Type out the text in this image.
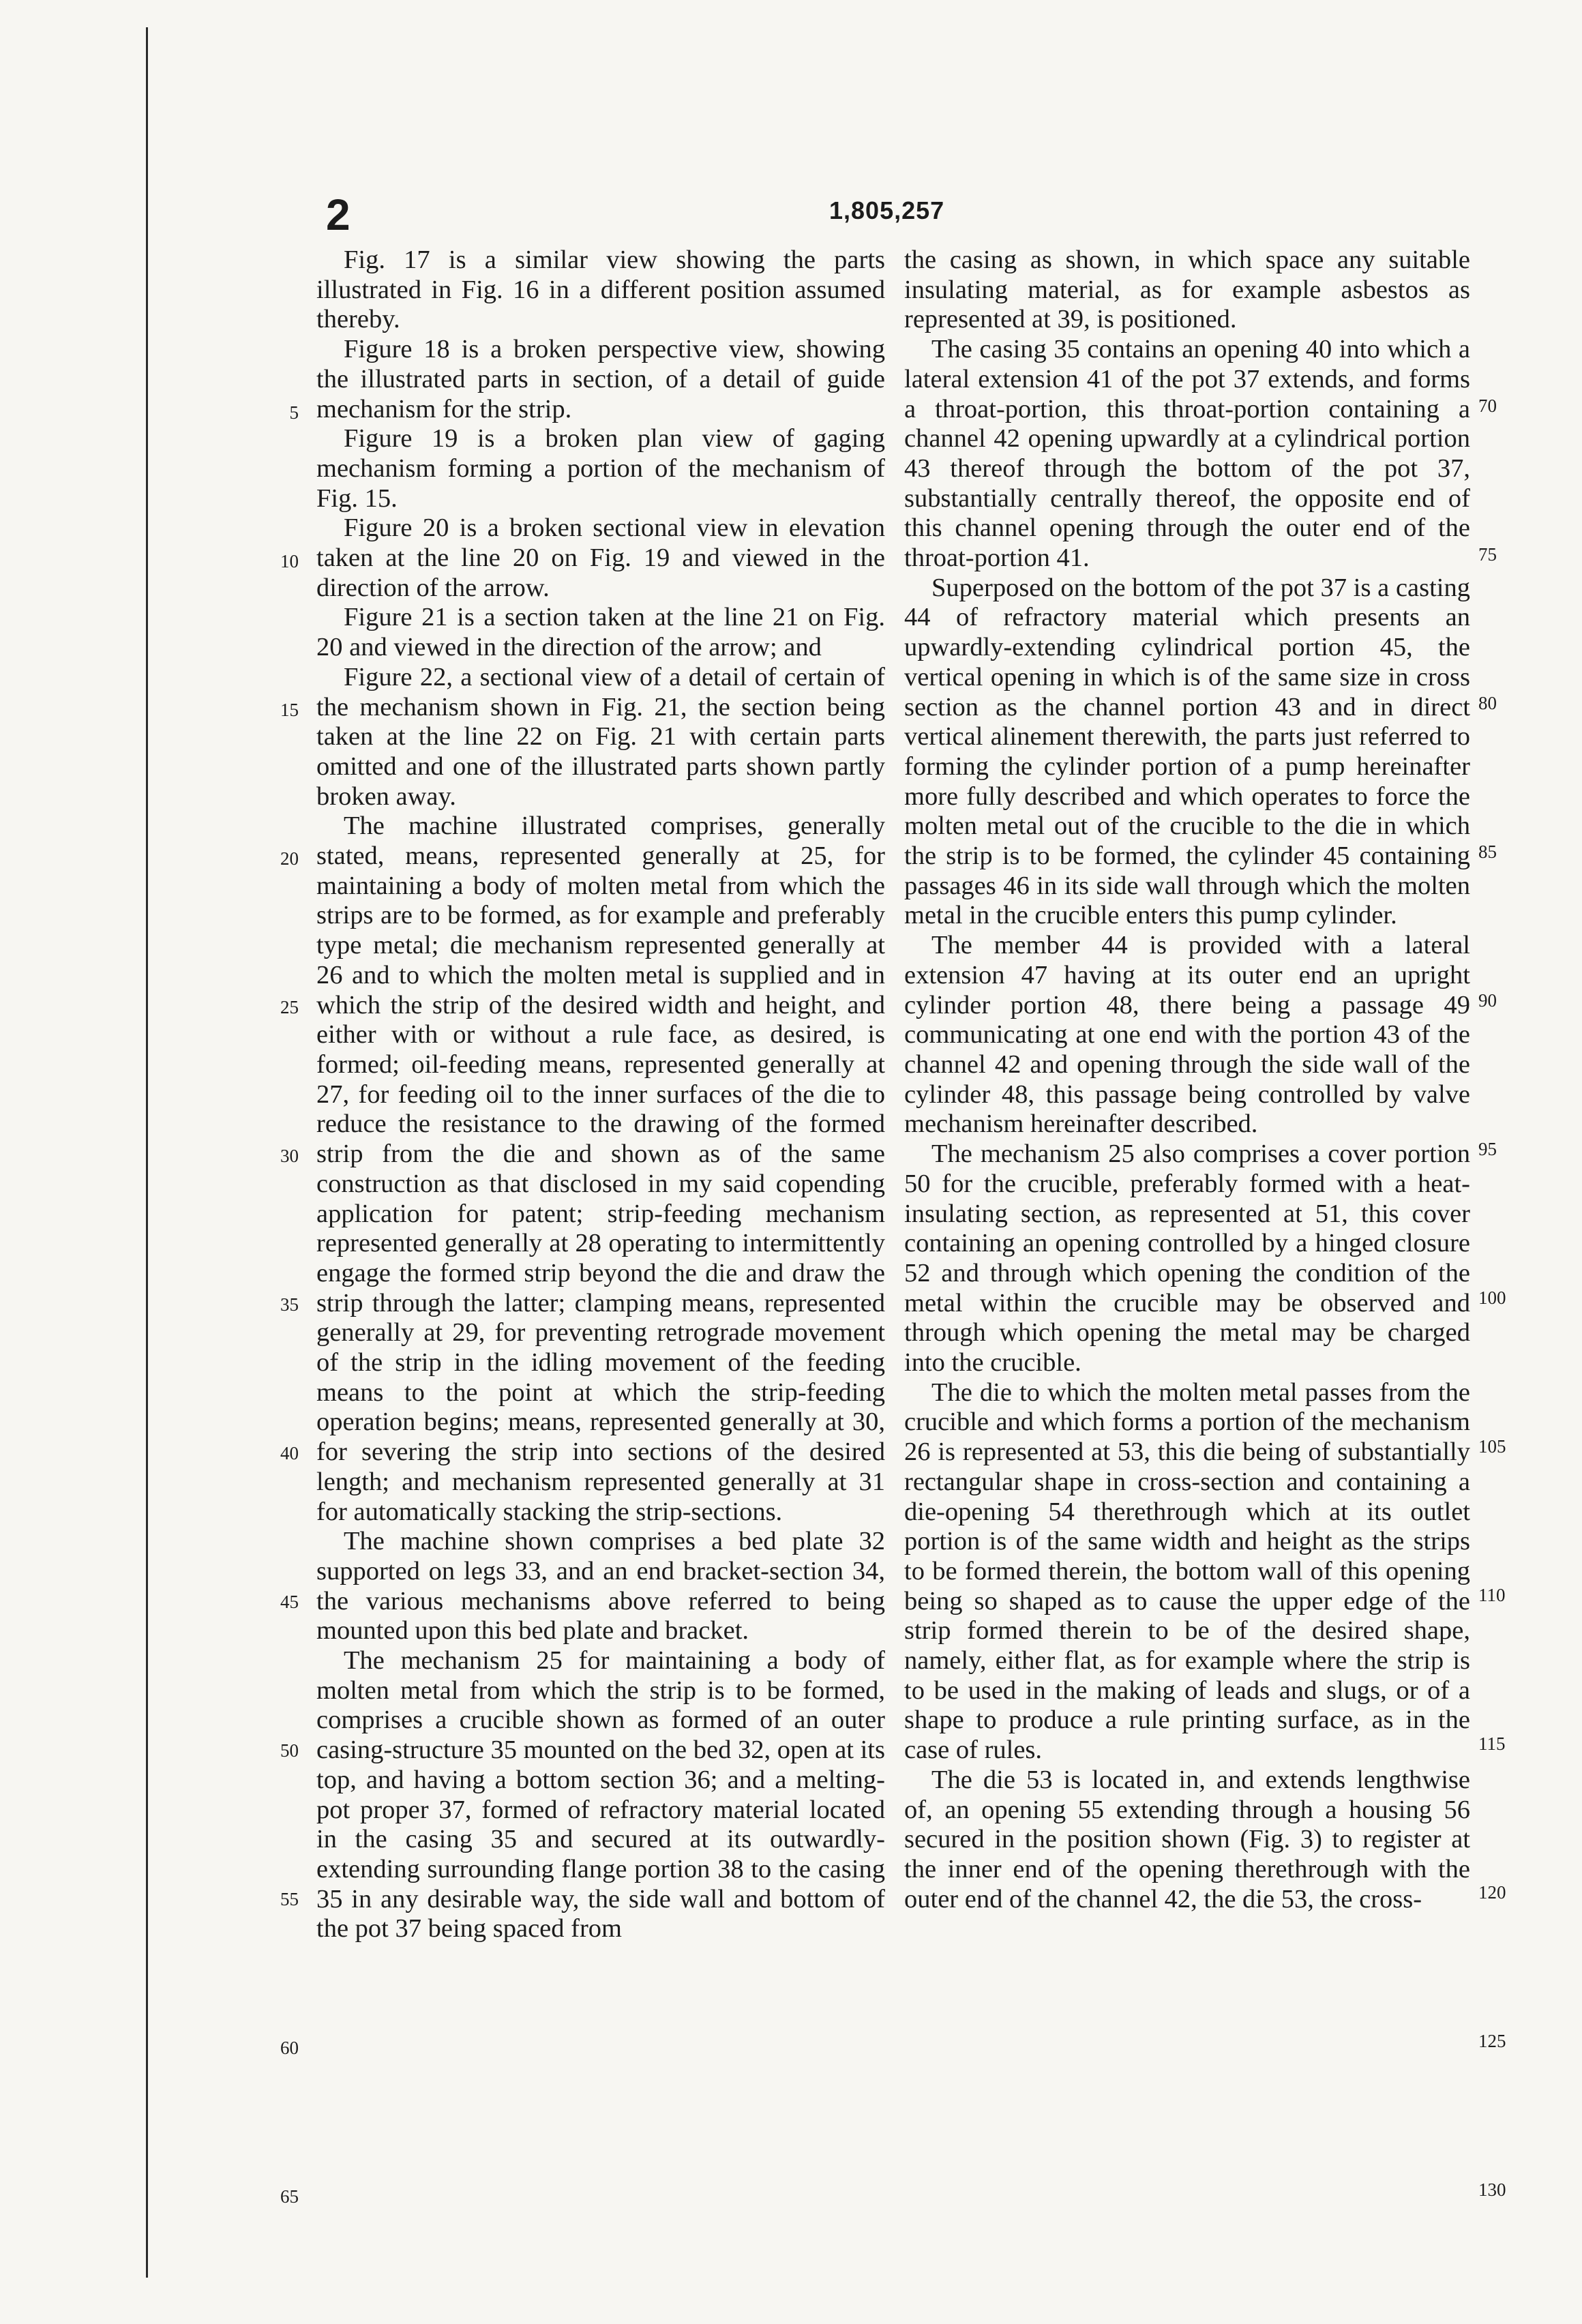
2	1,805,257

Fig. 17 is a similar view showing the parts illustrated in Fig. 16 in a different position assumed thereby.

Figure 18 is a broken perspective view, showing the illustrated parts in section, of a detail of guide mechanism for the strip.

Figure 19 is a broken plan view of gaging mechanism forming a portion of the mechanism of Fig. 15.

Figure 20 is a broken sectional view in elevation taken at the line 20 on Fig. 19 and viewed in the direction of the arrow.

Figure 21 is a section taken at the line 21 on Fig. 20 and viewed in the direction of the arrow; and

Figure 22, a sectional view of a detail of certain of the mechanism shown in Fig. 21, the section being taken at the line 22 on Fig. 21 with certain parts omitted and one of the illustrated parts shown partly broken away.

The machine illustrated comprises, generally stated, means, represented generally at 25, for maintaining a body of molten metal from which the strips are to be formed, as for example and preferably type metal; die mechanism represented generally at 26 and to which the molten metal is supplied and in which the strip of the desired width and height, and either with or without a rule face, as desired, is formed; oil-feeding means, represented generally at 27, for feeding oil to the inner surfaces of the die to reduce the resistance to the drawing of the formed strip from the die and shown as of the same construction as that disclosed in my said copending application for patent; strip-feeding mechanism represented generally at 28 operating to intermittently engage the formed strip beyond the die and draw the strip through the latter; clamping means, represented generally at 29, for preventing retrograde movement of the strip in the idling movement of the feeding means to the point at which the strip-feeding operation begins; means, represented generally at 30, for severing the strip into sections of the desired length; and mechanism represented generally at 31 for automatically stacking the strip-sections.

The machine shown comprises a bed plate 32 supported on legs 33, and an end bracket-section 34, the various mechanisms above referred to being mounted upon this bed plate and bracket.

The mechanism 25 for maintaining a body of molten metal from which the strip is to be formed, comprises a crucible shown as formed of an outer casing-structure 35 mounted on the bed 32, open at its top, and having a bottom section 36; and a melting-pot proper 37, formed of refractory material located in the casing 35 and secured at its outwardly-extending surrounding flange portion 38 to the casing 35 in any desirable way, the side wall and bottom of the pot 37 being spaced from

the casing as shown, in which space any suitable insulating material, as for example asbestos as represented at 39, is positioned.

The casing 35 contains an opening 40 into which a lateral extension 41 of the pot 37 extends, and forms a throat-portion, this throat-portion containing a channel 42 opening upwardly at a cylindrical portion 43 thereof through the bottom of the pot 37, substantially centrally thereof, the opposite end of this channel opening through the outer end of the throat-portion 41.

Superposed on the bottom of the pot 37 is a casting 44 of refractory material which presents an upwardly-extending cylindrical portion 45, the vertical opening in which is of the same size in cross section as the channel portion 43 and in direct vertical alinement therewith, the parts just referred to forming the cylinder portion of a pump hereinafter more fully described and which operates to force the molten metal out of the crucible to the die in which the strip is to be formed, the cylinder 45 containing passages 46 in its side wall through which the molten metal in the crucible enters this pump cylinder.

The member 44 is provided with a lateral extension 47 having at its outer end an upright cylinder portion 48, there being a passage 49 communicating at one end with the portion 43 of the channel 42 and opening through the side wall of the cylinder 48, this passage being controlled by valve mechanism hereinafter described.

The mechanism 25 also comprises a cover portion 50 for the crucible, preferably formed with a heat-insulating section, as represented at 51, this cover containing an opening controlled by a hinged closure 52 and through which opening the condition of the metal within the crucible may be observed and through which opening the metal may be charged into the crucible.

The die to which the molten metal passes from the crucible and which forms a portion of the mechanism 26 is represented at 53, this die being of substantially rectangular shape in cross-section and containing a die-opening 54 therethrough which at its outlet portion is of the same width and height as the strips to be formed therein, the bottom wall of this opening being so shaped as to cause the upper edge of the strip formed therein to be of the desired shape, namely, either flat, as for example where the strip is to be used in the making of leads and slugs, or of a shape to produce a rule printing surface, as in the case of rules.

The die 53 is located in, and extends lengthwise of, an opening 55 extending through a housing 56 secured in the position shown (Fig. 3) to register at the inner end of the opening therethrough with the outer end of the channel 42, the die 53, the cross-

5
10
15
20
25
30
35
40
45
50
55
60
65
70
75
80
85
90
95
100
105
110
115
120
125
130
